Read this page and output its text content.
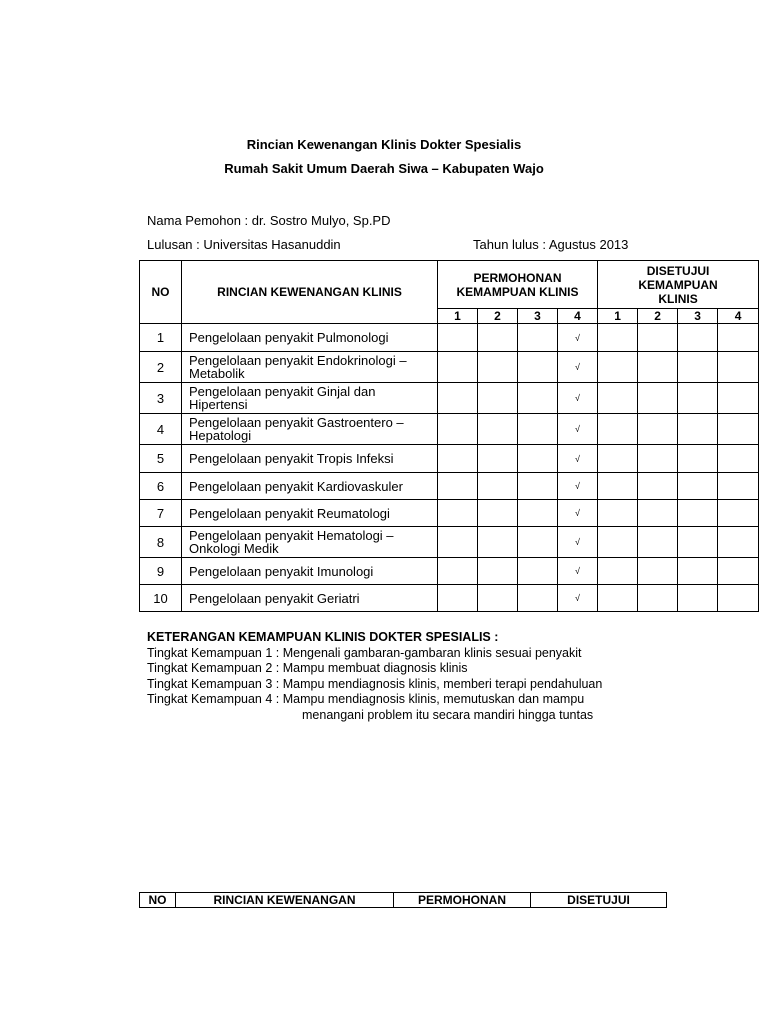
Rincian Kewenangan Klinis Dokter Spesialis
Rumah Sakit Umum Daerah Siwa – Kabupaten Wajo
Nama Pemohon : dr. Sostro Mulyo, Sp.PD
Lulusan : Universitas Hasanuddin	Tahun lulus : Agustus 2013
NO	RINCIAN KEWENANGAN KLINIS	PERMOHONAN KEMAMPUAN KLINIS				DISETUJUI KEMAMPUAN KLINIS			
		1	2	3	4	1	2	3	4
1	Pengelolaan penyakit Pulmonologi				√				
2	Pengelolaan penyakit Endokrinologi – Metabolik				√				
3	Pengelolaan penyakit Ginjal dan Hipertensi				√				
4	Pengelolaan penyakit Gastroentero – Hepatologi				√				
5	Pengelolaan penyakit Tropis Infeksi				√				
6	Pengelolaan penyakit Kardiovaskuler				√				
7	Pengelolaan penyakit Reumatologi				√				
8	Pengelolaan penyakit Hematologi – Onkologi Medik				√				
9	Pengelolaan penyakit Imunologi				√				
10	Pengelolaan penyakit Geriatri				√				
KETERANGAN KEMAMPUAN KLINIS DOKTER SPESIALIS :
Tingkat Kemampuan 1 : Mengenali gambaran-gambaran klinis sesuai penyakit
Tingkat Kemampuan 2 : Mampu membuat diagnosis klinis
Tingkat Kemampuan 3 : Mampu mendiagnosis klinis, memberi terapi pendahuluan
Tingkat Kemampuan 4 : Mampu mendiagnosis klinis, memutuskan dan mampu
menangani problem itu secara mandiri hingga tuntas
NO	RINCIAN KEWENANGAN	PERMOHONAN	DISETUJUI
